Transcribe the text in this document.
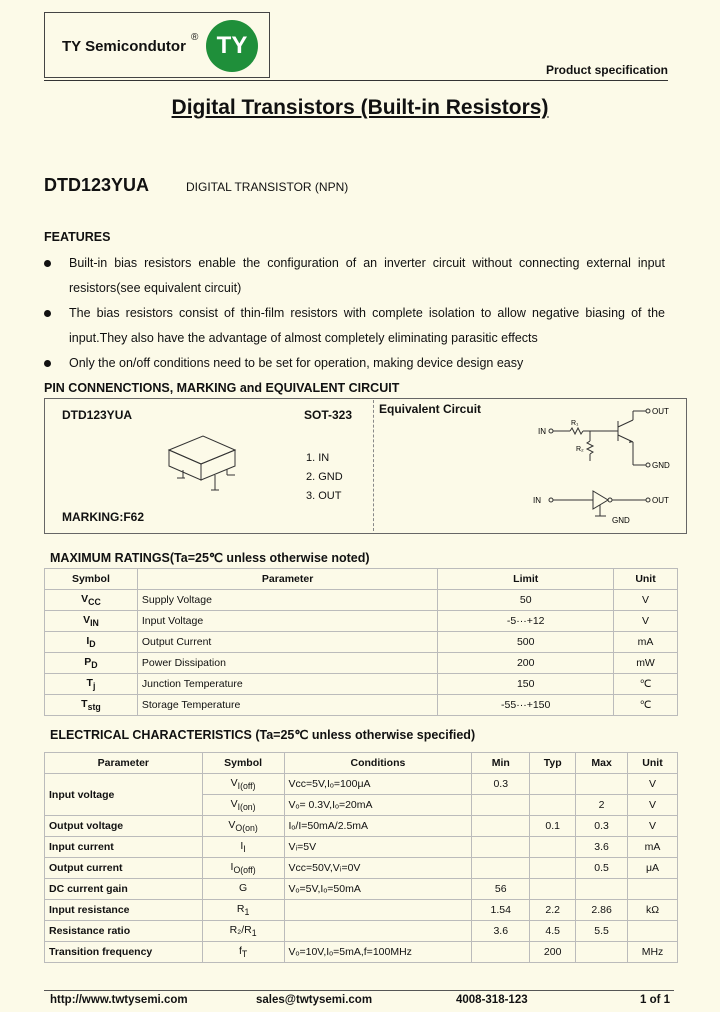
TY Semicondutor
® TY
Product specification
Digital Transistors (Built-in Resistors)
DTD123YUA	DIGITAL TRANSISTOR (NPN)
FEATURES
Built-in bias resistors enable the configuration of an inverter circuit without connecting external input resistors(see equivalent circuit)
The bias resistors consist of thin-film resistors with complete isolation to allow negative biasing of the input.They also have the advantage of almost completely eliminating parasitic effects
Only the on/off conditions need to be set for operation, making device design easy
PIN CONNENCTIONS, MARKING and EQUIVALENT CIRCUIT
DTD123YUA	SOT-323 Equivalent Circuit
1. IN
2. GND
3. OUT
MARKING:F62
IN
R₁
R₂
OUT
GND
IN	OUT
GND
MAXIMUM RATINGS(Ta=25℃ unless otherwise noted)
Symbol	Parameter	Limit	Unit
$V_{CC}$	Supply Voltage	50	V
$V_{IN}$	Input Voltage	-5···+12	V
$I_D$	Output Current	500	mA
$P_D$	Power Dissipation	200	mW
$T_j$	Junction Temperature	150	℃
$T_{stg}$	Storage Temperature	-55···+150	℃
ELECTRICAL CHARACTERISTICS (Ta=25℃ unless otherwise specified)
Parameter	Symbol	Conditions	Min	Typ	Max	Unit
Input voltage	$V_{I(off)}$	Vᴄᴄ=5V,Iₒ=100μA	0.3			V
	$V_{I(on)}$	Vₒ= 0.3V,Iₒ=20mA			2	V
Output voltage	$V_{O(on)}$	Iₒ/I=50mA/2.5mA		0.1	0.3	V
Input current	$I_I$	Vᵢ=5V			3.6	mA
Output current	$I_{O(off)}$	Vᴄᴄ=50V,Vᵢ=0V			0.5	μA
DC current gain	G	Vₒ=5V,Iₒ=50mA	56			
Input resistance	$R_1$		1.54	2.2	2.86	kΩ
Resistance ratio	$R_2/R_1$		3.6	4.5	5.5	
Transition frequency	$f_T$	Vₒ=10V,Iₒ=5mA,f=100MHz		200		MHz
http://www.twtysemi.com	sales@twtysemi.com	4008-318-123	1 of 1
